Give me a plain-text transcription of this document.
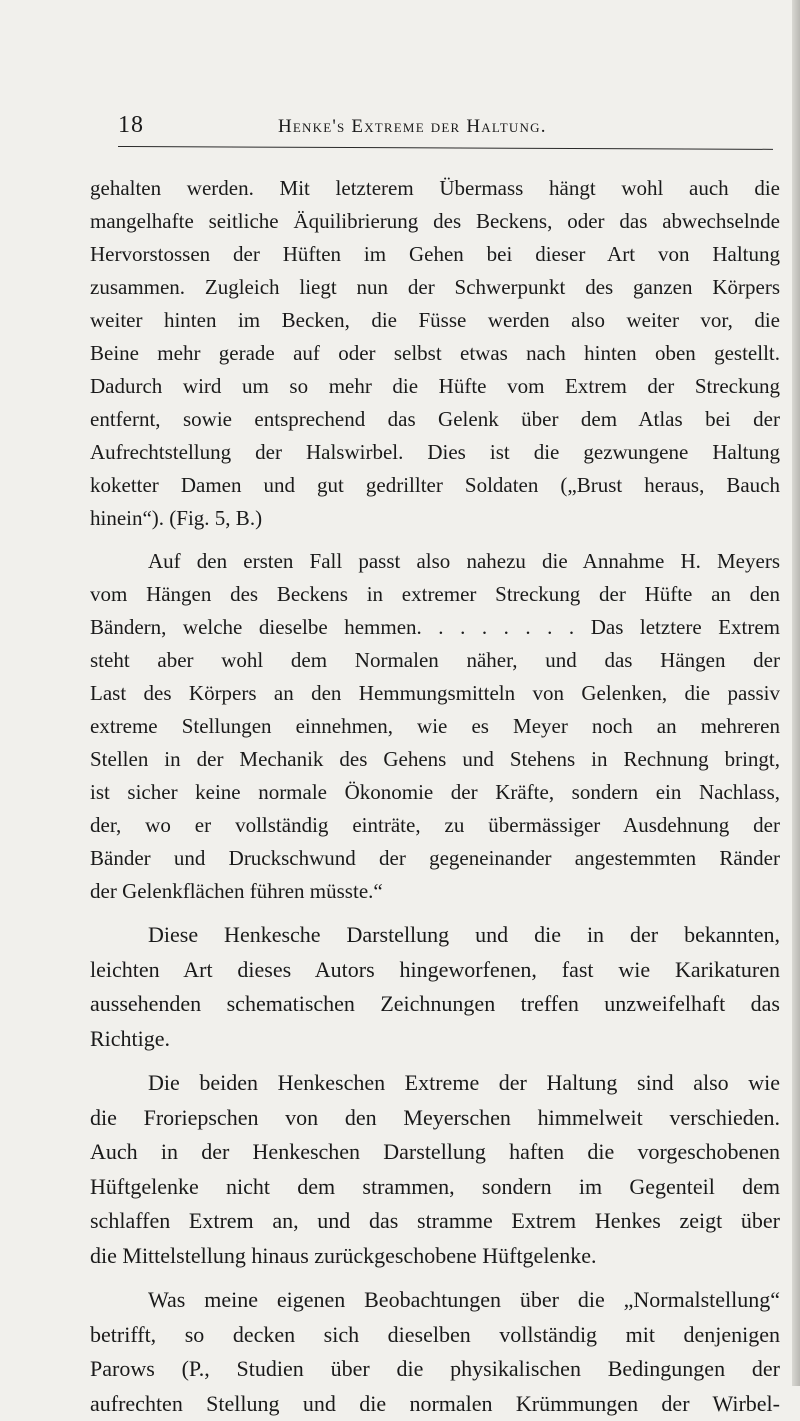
18	Henke's Extreme der Haltung.
gehalten werden. Mit letzterem Übermass hängt wohl auch die
mangelhafte seitliche Äquilibrierung des Beckens, oder das abwechselnde
Hervorstossen der Hüften im Gehen bei dieser Art von Haltung
zusammen. Zugleich liegt nun der Schwerpunkt des ganzen Körpers
weiter hinten im Becken, die Füsse werden also weiter vor, die
Beine mehr gerade auf oder selbst etwas nach hinten oben gestellt.
Dadurch wird um so mehr die Hüfte vom Extrem der Streckung
entfernt, sowie entsprechend das Gelenk über dem Atlas bei der
Aufrechtstellung der Halswirbel. Dies ist die gezwungene Haltung
koketter Damen und gut gedrillter Soldaten („Brust heraus, Bauch
hinein“). (Fig. 5, B.)
Auf den ersten Fall passt also nahezu die Annahme H. Meyers
vom Hängen des Beckens in extremer Streckung der Hüfte an den
Bändern, welche dieselbe hemmen. . . . . . . . Das letztere Extrem
steht aber wohl dem Normalen näher, und das Hängen der
Last des Körpers an den Hemmungsmitteln von Gelenken, die passiv
extreme Stellungen einnehmen, wie es Meyer noch an mehreren
Stellen in der Mechanik des Gehens und Stehens in Rechnung bringt,
ist sicher keine normale Ökonomie der Kräfte, sondern ein Nachlass,
der, wo er vollständig einträte, zu übermässiger Ausdehnung der
Bänder und Druckschwund der gegeneinander angestemmten Ränder
der Gelenkflächen führen müsste.“
Diese Henkesche Darstellung und die in der bekannten,
leichten Art dieses Autors hingeworfenen, fast wie Karikaturen
aussehenden schematischen Zeichnungen treffen unzweifelhaft das
Richtige.
Die beiden Henkeschen Extreme der Haltung sind also wie
die Froriepschen von den Meyerschen himmelweit verschieden.
Auch in der Henkeschen Darstellung haften die vorgeschobenen
Hüftgelenke nicht dem strammen, sondern im Gegenteil dem
schlaffen Extrem an, und das stramme Extrem Henkes zeigt über
die Mittelstellung hinaus zurückgeschobene Hüftgelenke.
Was meine eigenen Beobachtungen über die „Normalstellung“
betrifft, so decken sich dieselben vollständig mit denjenigen
Parows (P., Studien über die physikalischen Bedingungen der
aufrechten Stellung und die normalen Krümmungen der Wirbel-
